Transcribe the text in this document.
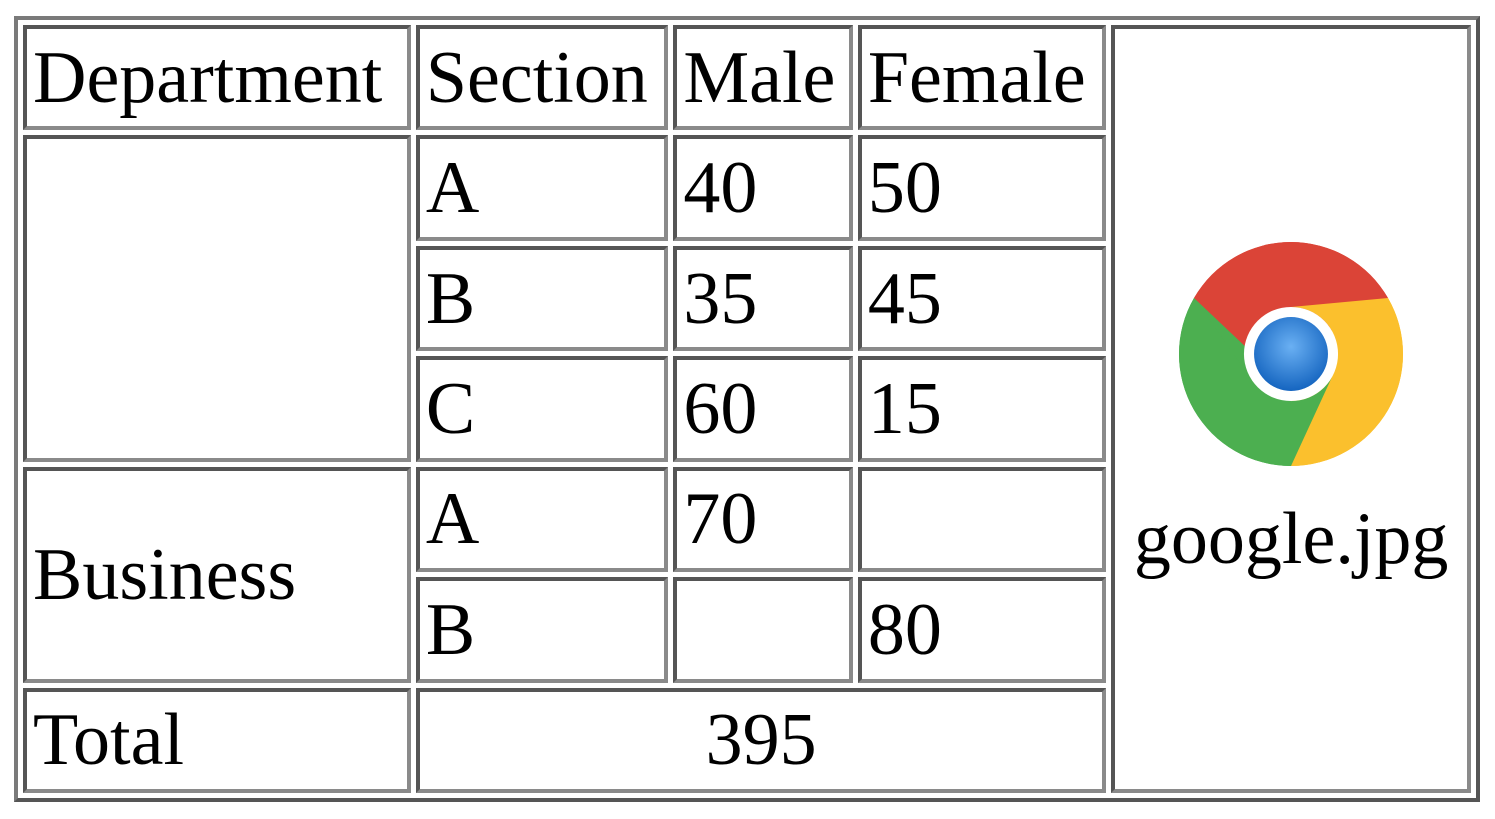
Department	Section	Male	Female	google.jpg

	A	40	50	
	B	35	45	
	C	60	15	
Business	A	70		
	B		80	
Total	395			
